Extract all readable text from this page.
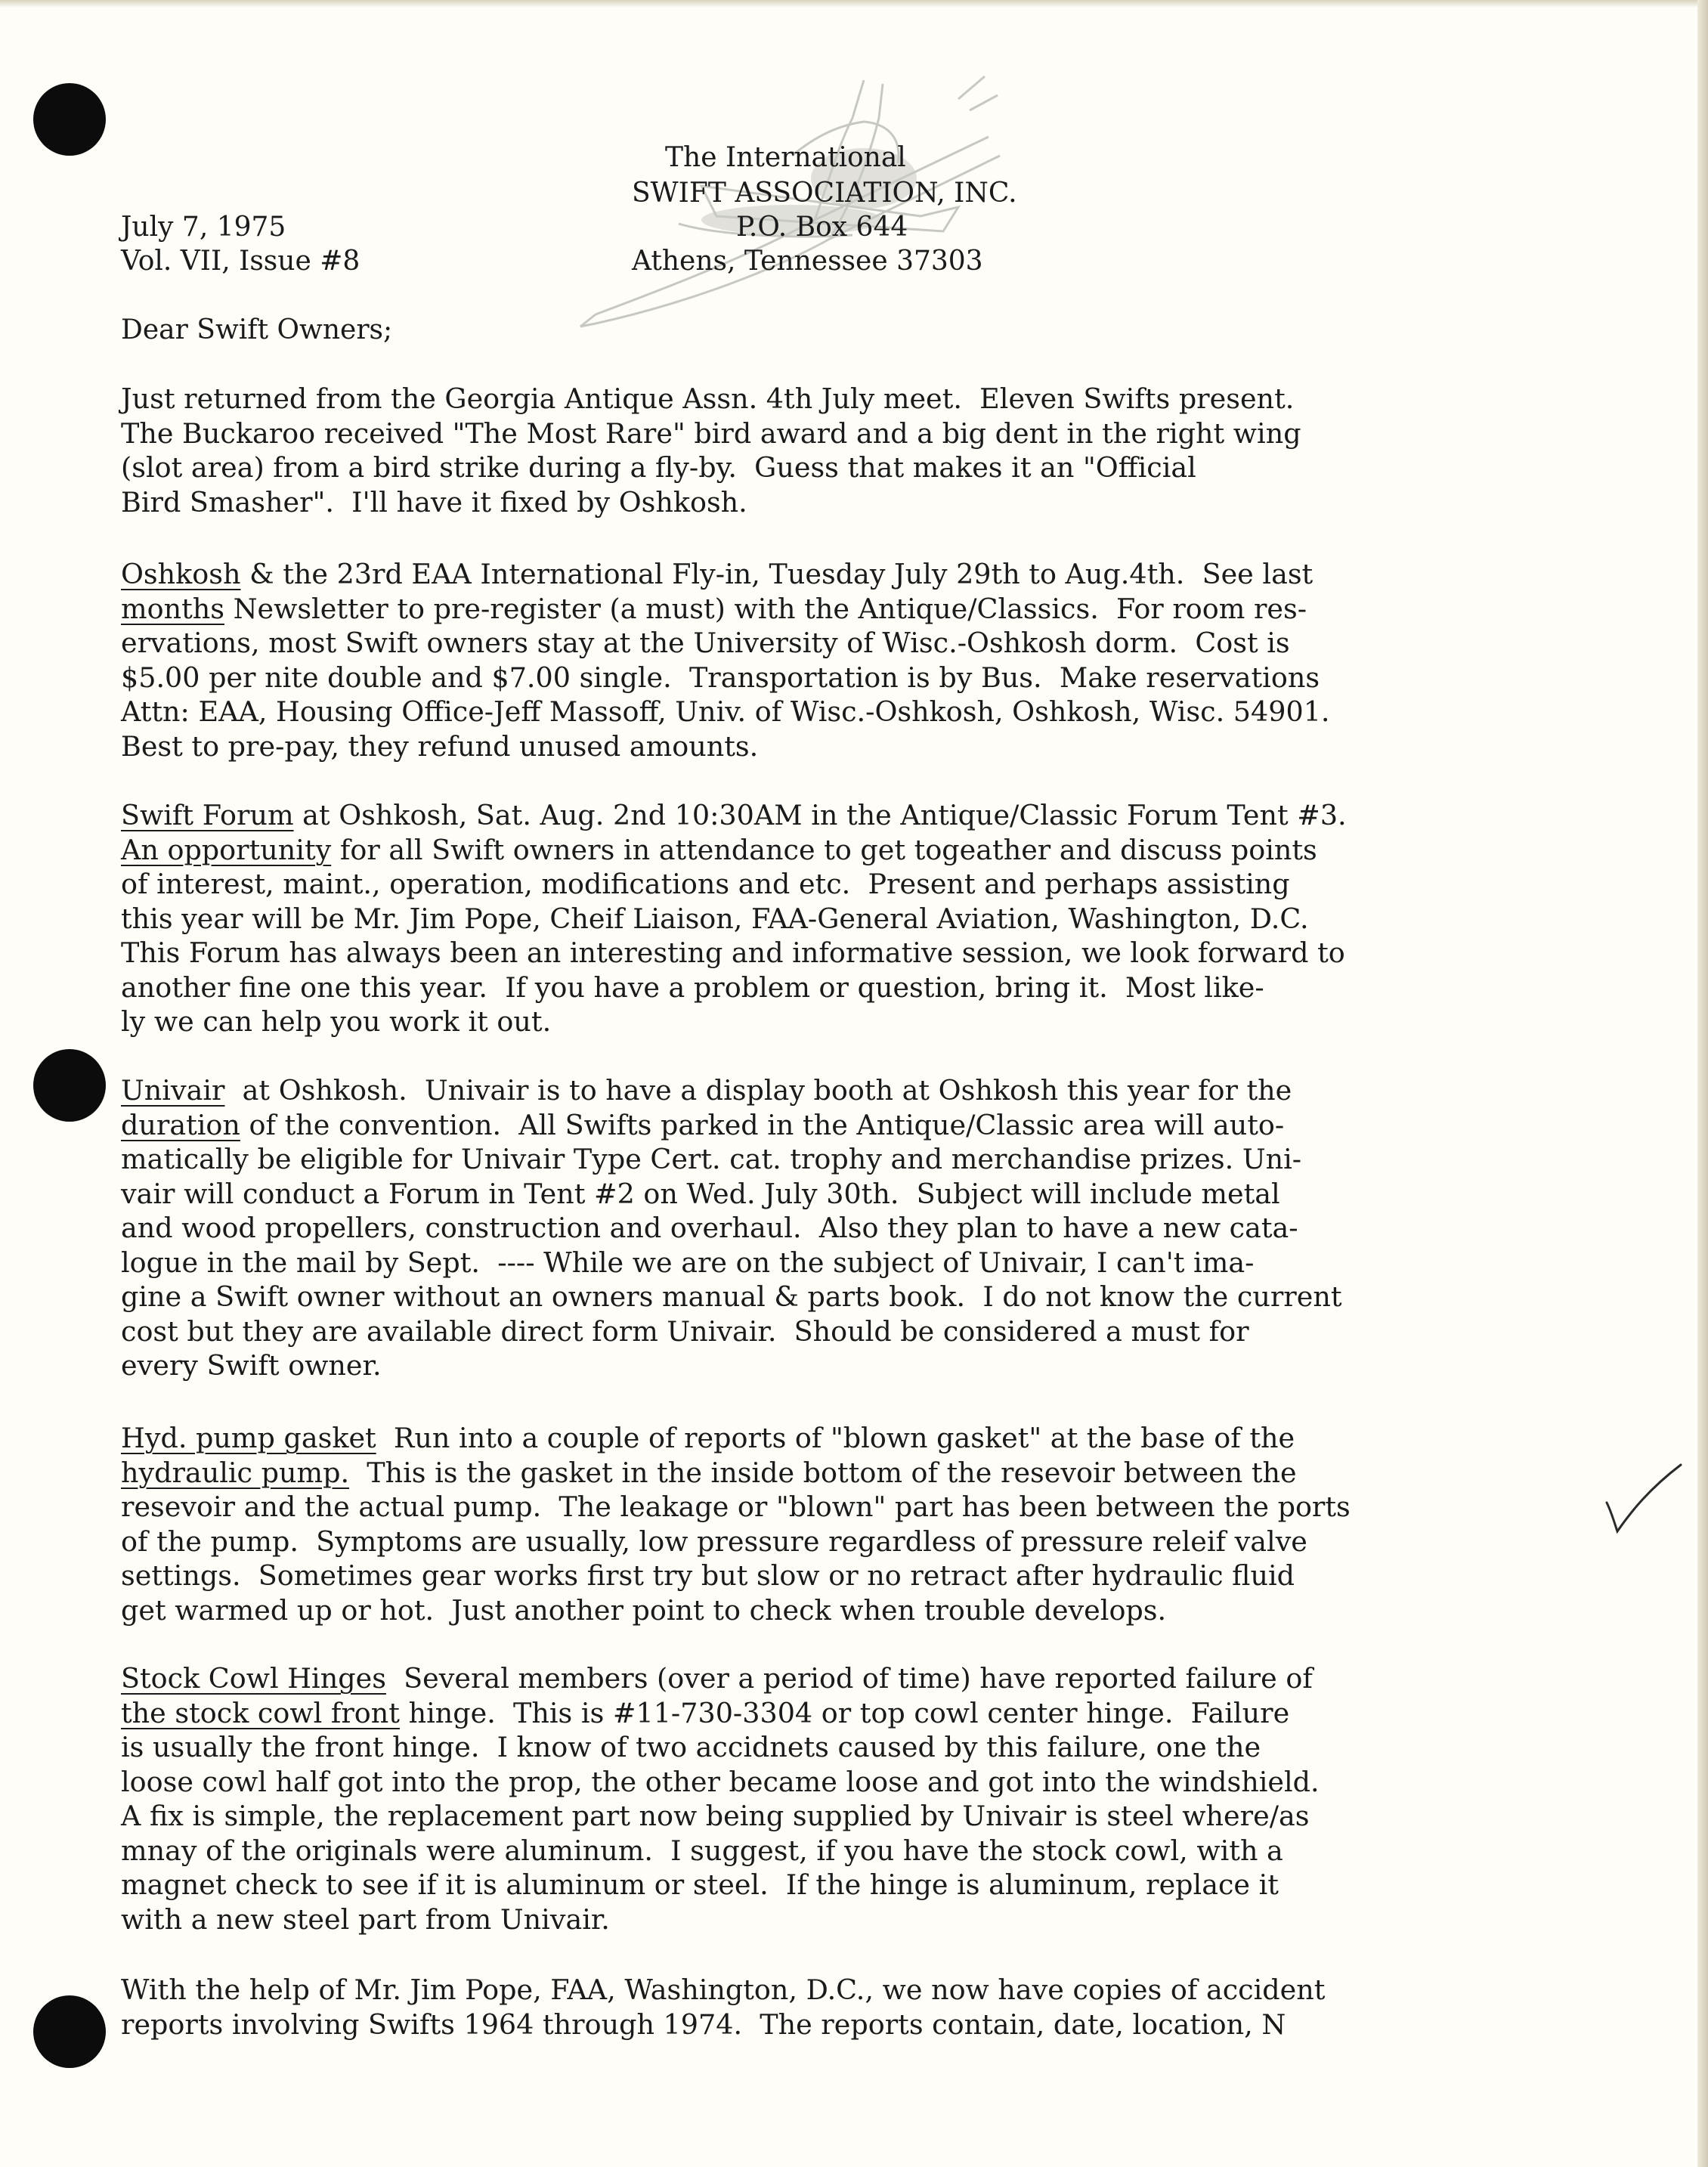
The International
SWIFT ASSOCIATION, INC.
P.O. Box 644
Athens, Tennessee 37303
July 7, 1975
Vol. VII, Issue #8
Dear Swift Owners;
Just returned from the Georgia Antique Assn. 4th July meet.  Eleven Swifts present.
The Buckaroo received "The Most Rare" bird award and a big dent in the right wing
(slot area) from a bird strike during a fly-by.  Guess that makes it an "Official
Bird Smasher".  I'll have it fixed by Oshkosh.
Oshkosh & the 23rd EAA International Fly-in, Tuesday July 29th to Aug.4th.  See last
months Newsletter to pre-register (a must) with the Antique/Classics.  For room res-
ervations, most Swift owners stay at the University of Wisc.-Oshkosh dorm.  Cost is
$5.00 per nite double and $7.00 single.  Transportation is by Bus.  Make reservations
Attn: EAA, Housing Office-Jeff Massoff, Univ. of Wisc.-Oshkosh, Oshkosh, Wisc. 54901.
Best to pre-pay, they refund unused amounts.
Swift Forum at Oshkosh, Sat. Aug. 2nd 10:30AM in the Antique/Classic Forum Tent #3.
An opportunity for all Swift owners in attendance to get togeather and discuss points
of interest, maint., operation, modifications and etc.  Present and perhaps assisting
this year will be Mr. Jim Pope, Cheif Liaison, FAA-General Aviation, Washington, D.C.
This Forum has always been an interesting and informative session, we look forward to
another fine one this year.  If you have a problem or question, bring it.  Most like-
ly we can help you work it out.
Univair  at Oshkosh.  Univair is to have a display booth at Oshkosh this year for the
duration of the convention.  All Swifts parked in the Antique/Classic area will auto-
matically be eligible for Univair Type Cert. cat. trophy and merchandise prizes. Uni-
vair will conduct a Forum in Tent #2 on Wed. July 30th.  Subject will include metal
and wood propellers, construction and overhaul.  Also they plan to have a new cata-
logue in the mail by Sept.  ---- While we are on the subject of Univair, I can't ima-
gine a Swift owner without an owners manual & parts book.  I do not know the current
cost but they are available direct form Univair.  Should be considered a must for
every Swift owner.
Hyd. pump gasket  Run into a couple of reports of "blown gasket" at the base of the
hydraulic pump.  This is the gasket in the inside bottom of the resevoir between the
resevoir and the actual pump.  The leakage or "blown" part has been between the ports
of the pump.  Symptoms are usually, low pressure regardless of pressure releif valve
settings.  Sometimes gear works first try but slow or no retract after hydraulic fluid
get warmed up or hot.  Just another point to check when trouble develops.
Stock Cowl Hinges  Several members (over a period of time) have reported failure of
the stock cowl front hinge.  This is #11-730-3304 or top cowl center hinge.  Failure
is usually the front hinge.  I know of two accidnets caused by this failure, one the
loose cowl half got into the prop, the other became loose and got into the windshield.
A fix is simple, the replacement part now being supplied by Univair is steel where/as
mnay of the originals were aluminum.  I suggest, if you have the stock cowl, with a
magnet check to see if it is aluminum or steel.  If the hinge is aluminum, replace it
with a new steel part from Univair.
With the help of Mr. Jim Pope, FAA, Washington, D.C., we now have copies of accident
reports involving Swifts 1964 through 1974.  The reports contain, date, location, N
